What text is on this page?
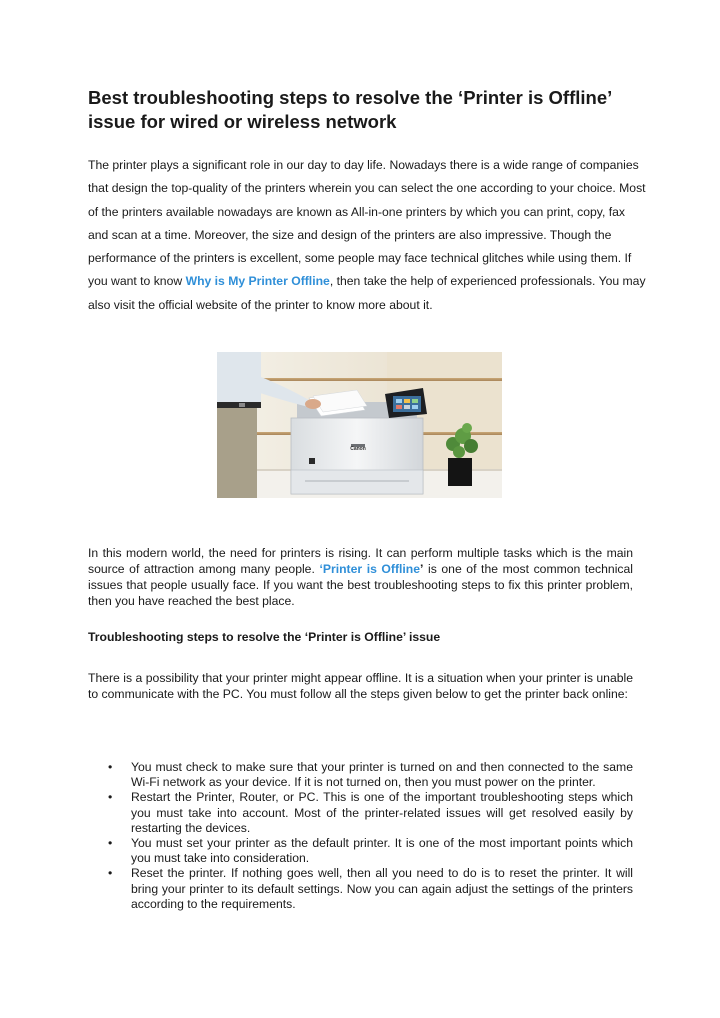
Best troubleshooting steps to resolve the ‘Printer is Offline’ issue for wired or wireless network

The printer plays a significant role in our day to day life. Nowadays there is a wide range of companies that design the top-quality of the printers wherein you can select the one according to your choice. Most of the printers available nowadays are known as All-in-one printers by which you can print, copy, fax and scan at a time. Moreover, the size and design of the printers are also impressive. Though the performance of the printers is excellent, some people may face technical glitches while using them. If you want to know Why is My Printer Offline, then take the help of experienced professionals. You may also visit the official website of the printer to know more about it.

Canon

In this modern world, the need for printers is rising. It can perform multiple tasks which is the main source of attraction among many people. ‘Printer is Offline’ is one of the most common technical issues that people usually face. If you want the best troubleshooting steps to fix this printer problem, then you have reached the best place.

Troubleshooting steps to resolve the ‘Printer is Offline’ issue

There is a possibility that your printer might appear offline. It is a situation when your printer is unable to communicate with the PC. You must follow all the steps given below to get the printer back online:

• You must check to make sure that your printer is turned on and then connected to the same Wi-Fi network as your device. If it is not turned on, then you must power on the printer.
• Restart the Printer, Router, or PC. This is one of the important troubleshooting steps which you must take into account. Most of the printer-related issues will get resolved easily by restarting the devices.
• You must set your printer as the default printer. It is one of the most important points which you must take into consideration.
• Reset the printer. If nothing goes well, then all you need to do is to reset the printer. It will bring your printer to its default settings. Now you can again adjust the settings of the printers according to the requirements.
